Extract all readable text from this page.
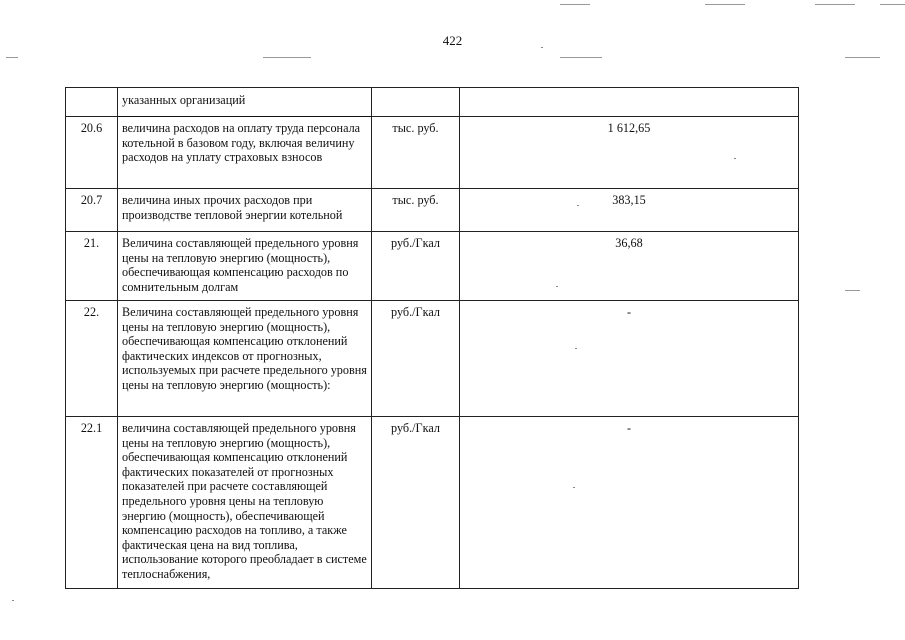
422
	указанных организаций		
20.6	величина расходов на оплату труда персонала котельной в базовом году, включая величину расходов на уплату страховых взносов	тыс. руб.	1 612,65
20.7	величина иных прочих расходов при производстве тепловой энергии котельной	тыс. руб.	383,15
21.	Величина составляющей предельного уровня цены на тепловую энергию (мощность), обеспечивающая компенсацию расходов по сомнительным долгам	руб./Гкал	36,68
22.	Величина составляющей предельного уровня цены на тепловую энергию (мощность), обеспечивающая компенсацию отклонений фактических индексов от прогнозных, используемых при расчете предельного уровня цены на тепловую энергию (мощность):	руб./Гкал	-
22.1	величина составляющей предельного уровня цены на тепловую энергию (мощность), обеспечивающая компенсацию отклонений фактических показателей от прогнозных показателей при расчете составляющей предельного уровня цены на тепловую энергию (мощность), обеспечивающей компенсацию расходов на топливо, а также фактическая цена на вид топлива, использование которого преобладает в системе теплоснабжения,	руб./Гкал	-
